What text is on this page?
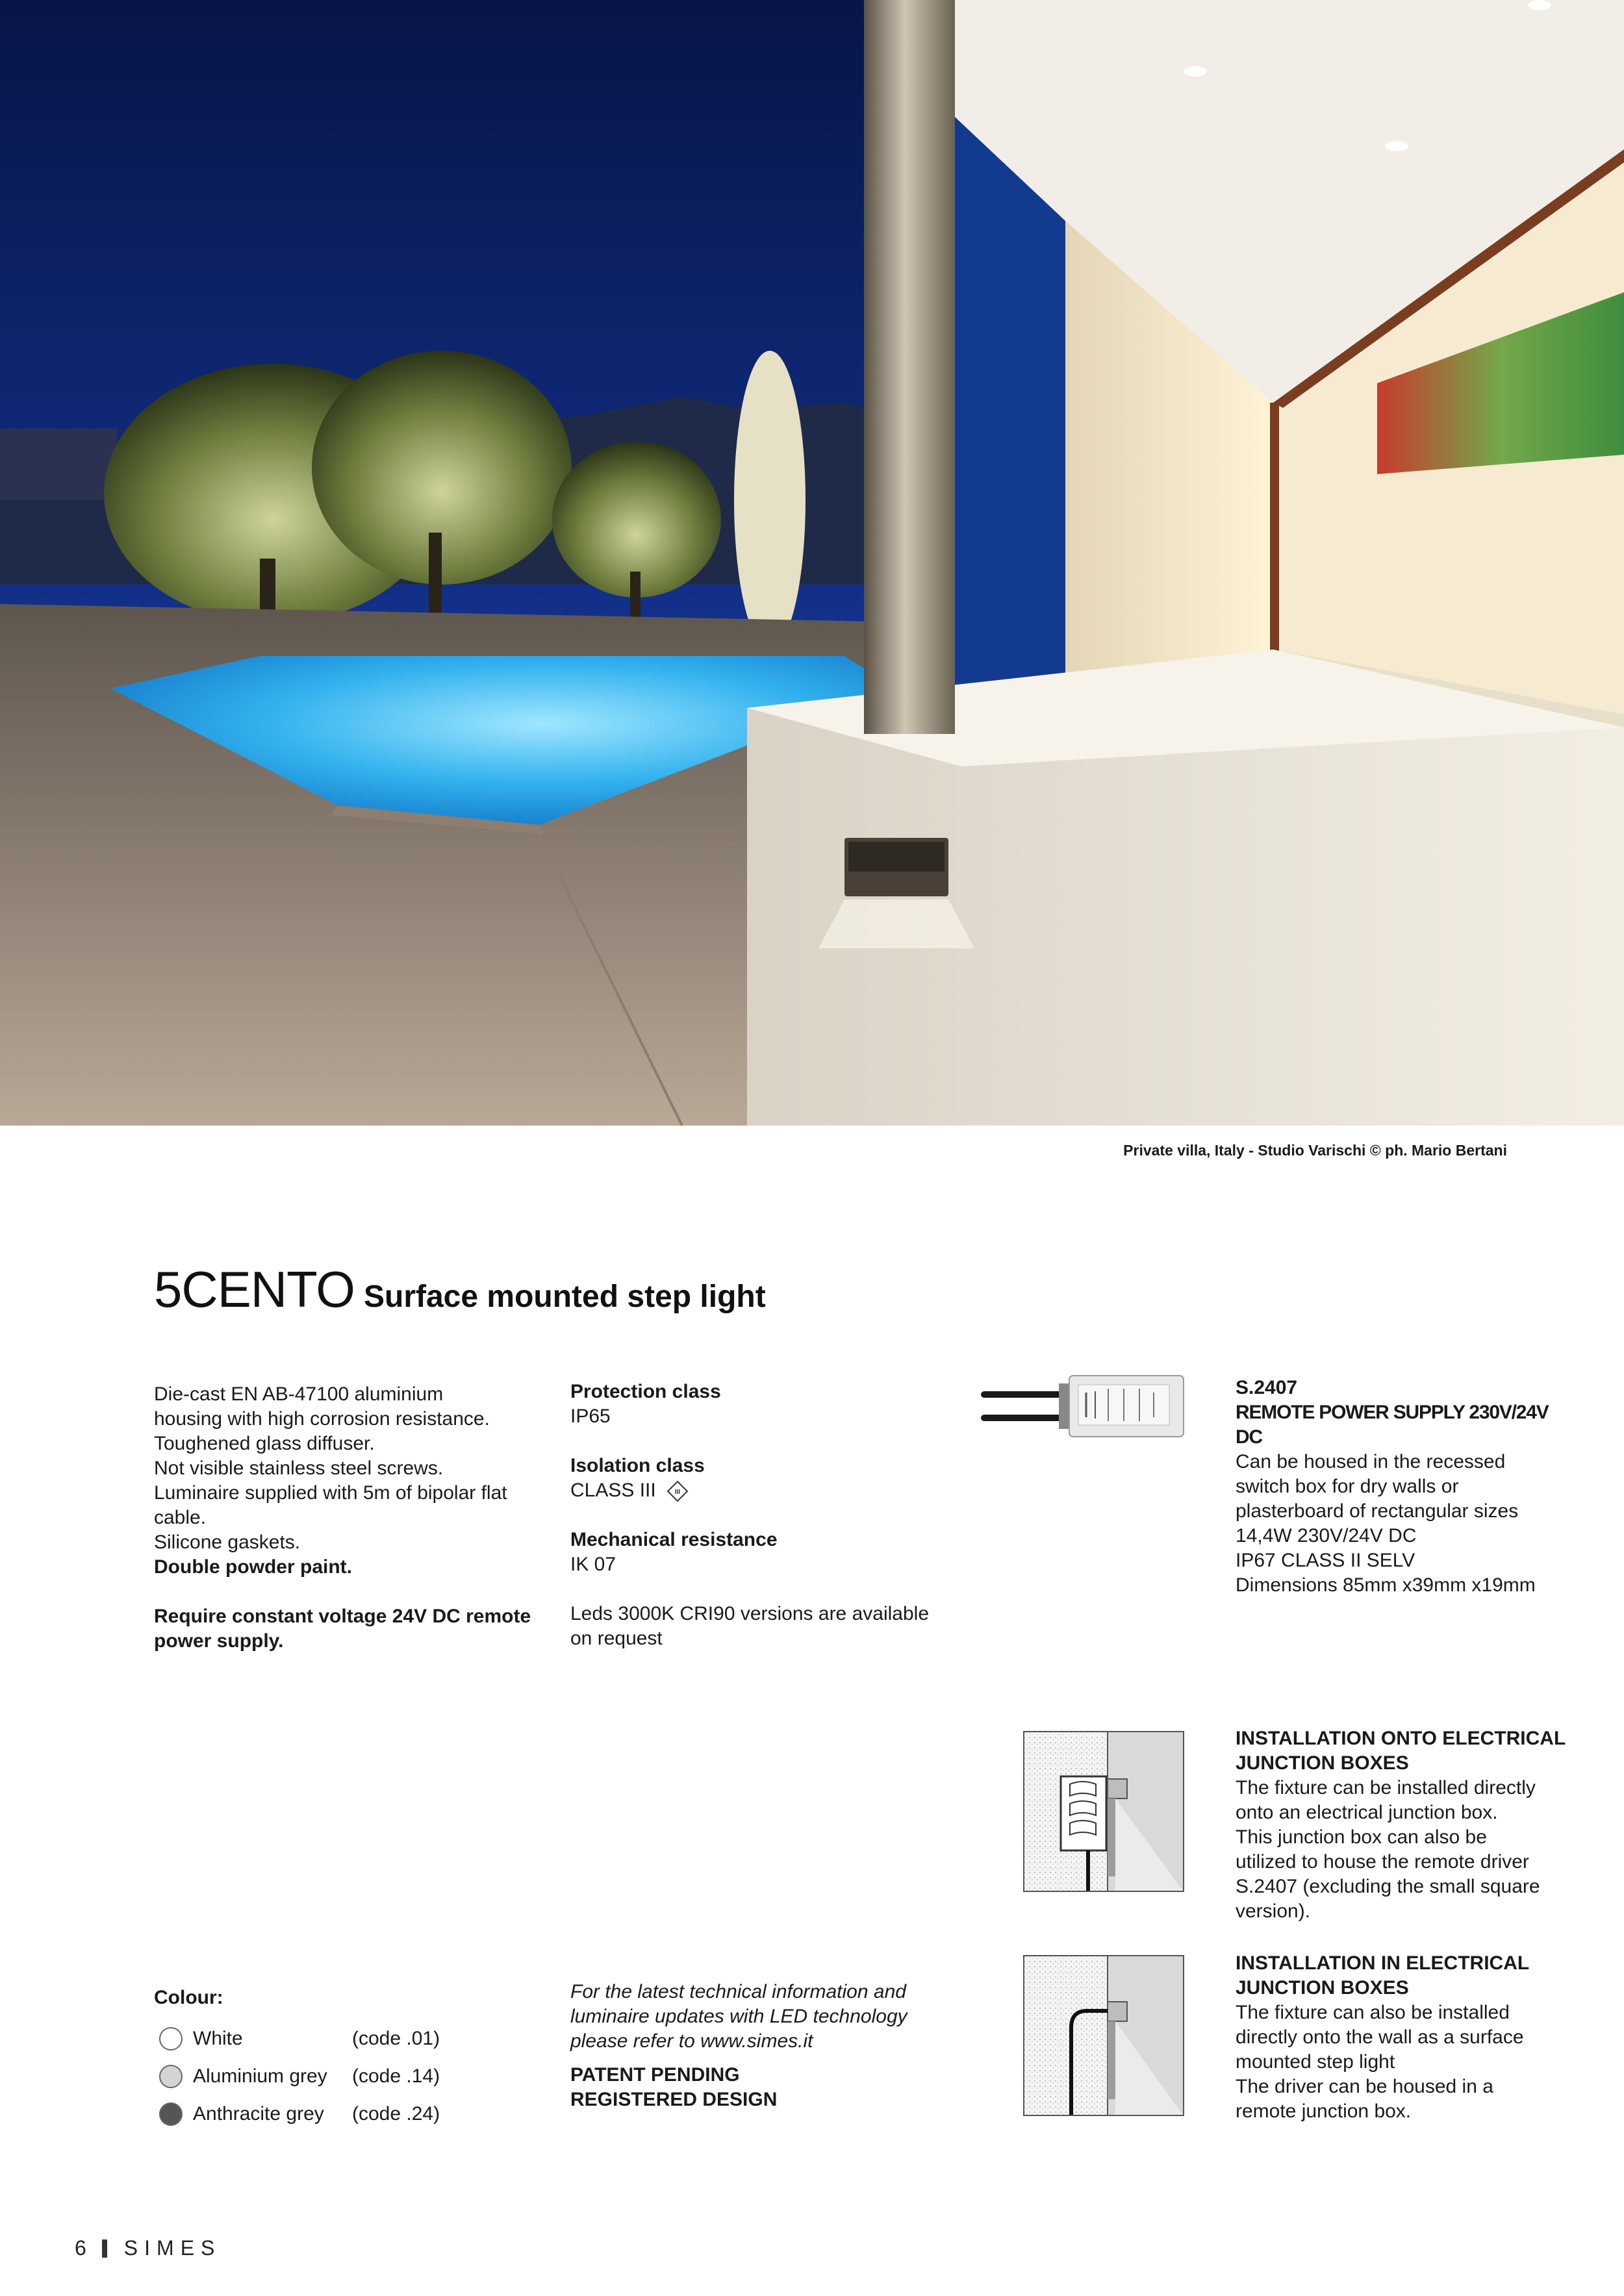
Private villa, Italy - Studio Varischi © ph. Mario Bertani
5CENTO Surface mounted step light

Die-cast EN AB-47100 aluminium

housing with high corrosion resistance.

Toughened glass diffuser.

Not visible stainless steel screws.

Luminaire supplied with 5m of bipolar flat

cable.

Silicone gaskets.

Double powder paint.

Require constant voltage 24V DC remote

power supply.

Protection class
IP65
Isolation class
CLASS III	III
Mechanical resistance
IK 07
Leds 3000K CRI90 versions are available
on request
S.2407
REMOTE POWER SUPPLY 230V/24V DC
Can be housed in the recessed
switch box for dry walls or
plasterboard of rectangular sizes
14,4W 230V/24V DC
IP67 CLASS II SELV
Dimensions 85mm x39mm x19mm
INSTALLATION ONTO ELECTRICAL
JUNCTION BOXES
The fixture can be installed directly
onto an electrical junction box.
This junction box can also be
utilized to house the remote driver
S.2407 (excluding the small square
version).
INSTALLATION IN ELECTRICAL
JUNCTION BOXES
The fixture can also be installed
directly onto the wall as a surface
mounted step light
The driver can be housed in a
remote junction box.
Colour:
White	(code .01)
Aluminium grey	(code .14)
Anthracite grey	(code .24)
For the latest technical information and
luminaire updates with LED technology
please refer to www.simes.it
PATENT PENDING
REGISTERED DESIGN
6 SIMES
